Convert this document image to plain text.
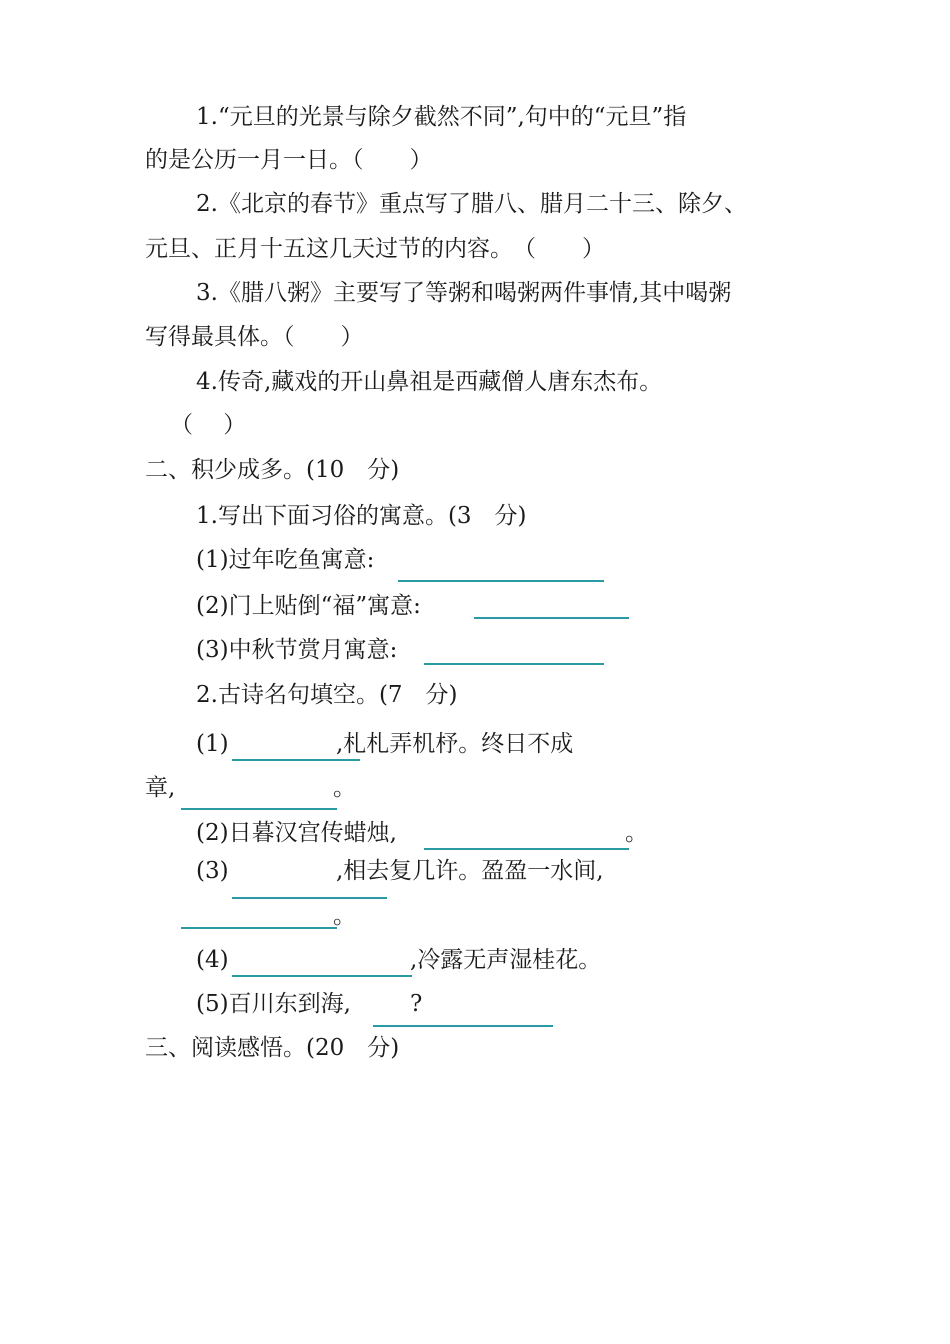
1.“元旦的光景与除夕截然不同”,句中的“元旦”指
的是公历一月一日。（　　）
2.《北京的春节》重点写了腊八、腊月二十三、除夕、
元旦、正月十五这几天过节的内容。　（　　）
3.《腊八粥》主要写了等粥和喝粥两件事情,其中喝粥
写得最具体。（　　）
4.传奇,藏戏的开山鼻祖是西藏僧人唐东杰布。
（　 ）
二、积少成多。(10　分)
1.写出下面习俗的寓意。(3　分)
(1)过年吃鱼寓意:
(2)门上贴倒“福”寓意:
(3)中秋节赏月寓意:
2.古诗名句填空。(7　分)
(1)	,札札弄机杼。终日不成
章,	。
(2)日暮汉宫传蜡烛,	。
(3)	,相去复几许。盈盈一水间,
。
(4)	,冷露无声湿桂花。
(5)百川东到海,	?
三、阅读感悟。(20　分)
